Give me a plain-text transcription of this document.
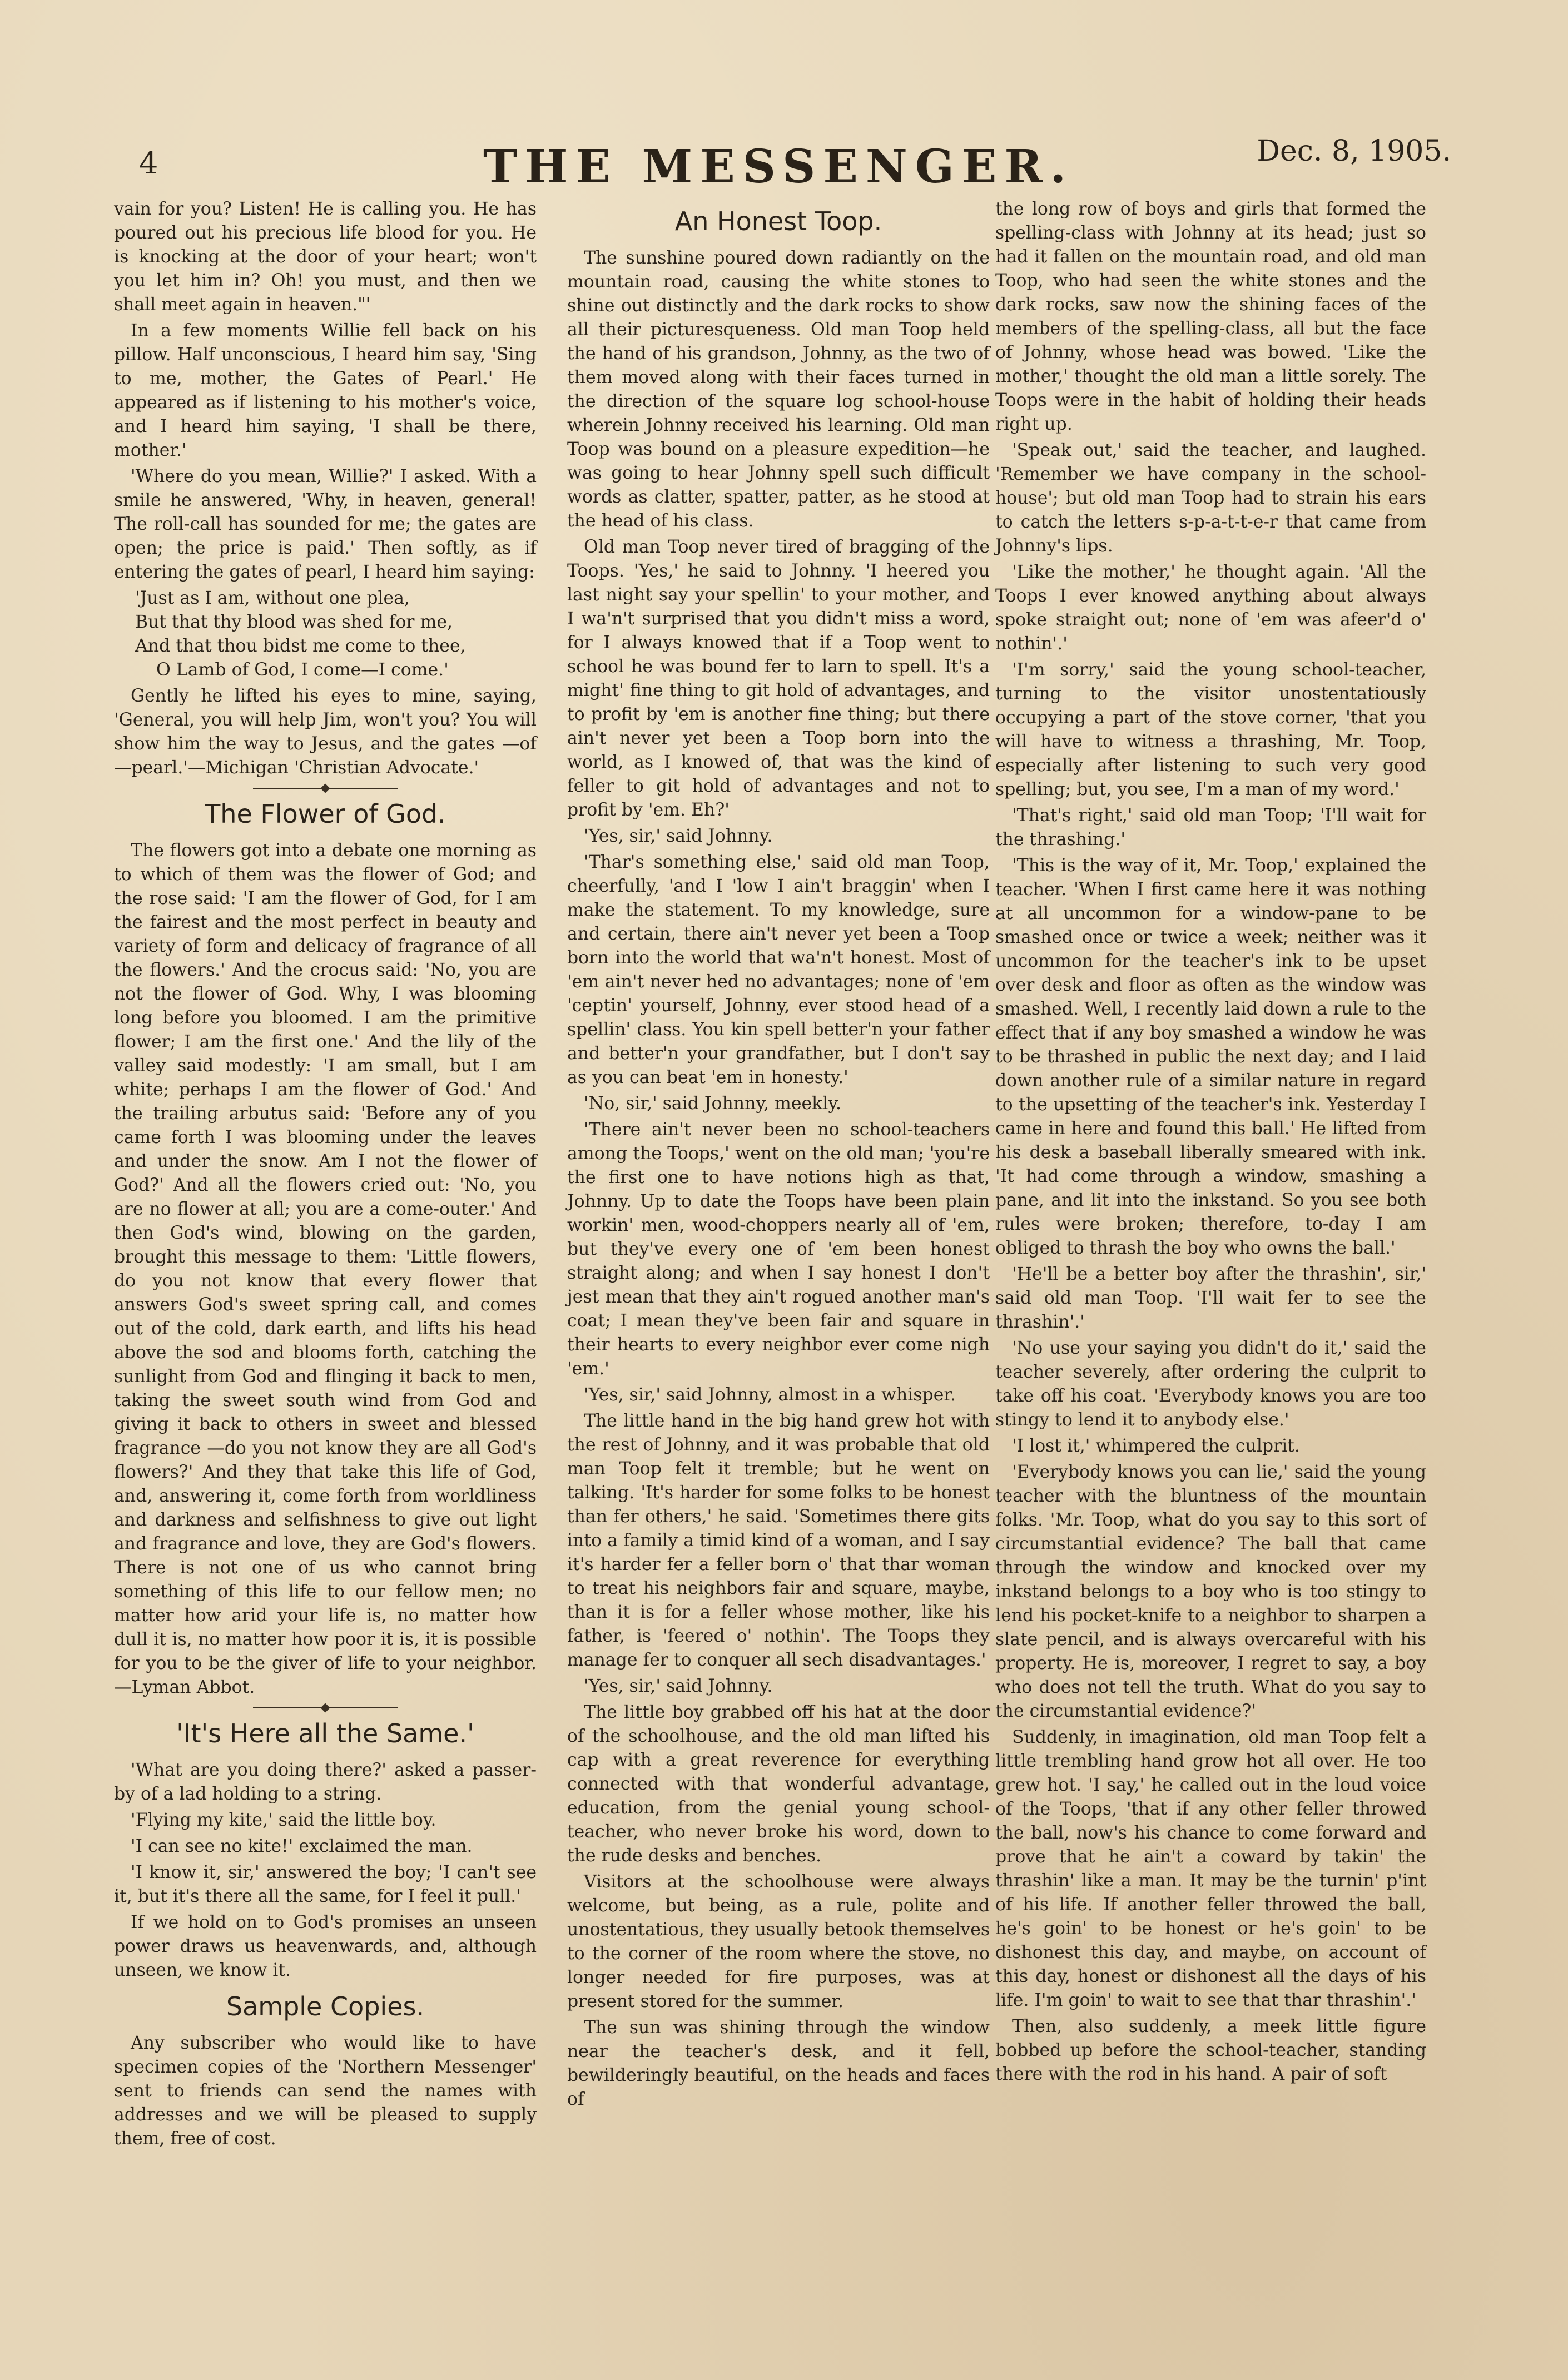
4	THE MESSENGER.	Dec. 8, 1905.

vain for you? Listen! He is calling you. He has poured out his precious life blood for you. He is knocking at the door of your heart; won't you let him in? Oh! you must, and then we shall meet again in heaven."'

In a few moments Willie fell back on his pillow. Half unconscious, I heard him say, 'Sing to me, mother, the Gates of Pearl.' He appeared as if listening to his mother's voice, and I heard him saying, 'I shall be there, mother.'

'Where do you mean, Willie?' I asked. With a smile he answered, 'Why, in heaven, general! The roll-call has sounded for me; the gates are open; the price is paid.' Then softly, as if entering the gates of pearl, I heard him saying:

'Just as I am, without one plea,
But that thy blood was shed for me,
And that thou bidst me come to thee,
O Lamb of God, I come—I come.'

Gently he lifted his eyes to mine, saying, 'General, you will help Jim, won't you? You will show him the way to Jesus, and the gates —of—pearl.'—Michigan 'Christian Advocate.'

The Flower of God.

The flowers got into a debate one morning as to which of them was the flower of God; and the rose said: 'I am the flower of God, for I am the fairest and the most perfect in beauty and variety of form and delicacy of fragrance of all the flowers.' And the crocus said: 'No, you are not the flower of God. Why, I was blooming long before you bloomed. I am the primitive flower; I am the first one.' And the lily of the valley said modestly: 'I am small, but I am white; perhaps I am the flower of God.' And the trailing arbutus said: 'Before any of you came forth I was blooming under the leaves and under the snow. Am I not the flower of God?' And all the flowers cried out: 'No, you are no flower at all; you are a come-outer.' And then God's wind, blowing on the garden, brought this message to them: 'Little flowers, do you not know that every flower that answers God's sweet spring call, and comes out of the cold, dark earth, and lifts his head above the sod and blooms forth, catching the sunlight from God and flinging it back to men, taking the sweet south wind from God and giving it back to others in sweet and blessed fragrance —do you not know they are all God's flowers?' And they that take this life of God, and, answering it, come forth from worldliness and darkness and selfishness to give out light and fragrance and love, they are God's flowers. There is not one of us who cannot bring something of this life to our fellow men; no matter how arid your life is, no matter how dull it is, no matter how poor it is, it is possible for you to be the giver of life to your neighbor.—Lyman Abbot.

'It's Here all the Same.'

'What are you doing there?' asked a passer-by of a lad holding to a string.

'Flying my kite,' said the little boy.

'I can see no kite!' exclaimed the man.

'I know it, sir,' answered the boy; 'I can't see it, but it's there all the same, for I feel it pull.'

If we hold on to God's promises an unseen power draws us heavenwards, and, although unseen, we know it.

Sample Copies.

Any subscriber who would like to have specimen copies of the 'Northern Messenger' sent to friends can send the names with addresses and we will be pleased to supply them, free of cost.

An Honest Toop.

The sunshine poured down radiantly on the mountain road, causing the white stones to shine out distinctly and the dark rocks to show all their picturesqueness. Old man Toop held the hand of his grandson, Johnny, as the two of them moved along with their faces turned in the direction of the square log school-house wherein Johnny received his learning. Old man Toop was bound on a pleasure expedition—he was going to hear Johnny spell such difficult words as clatter, spatter, patter, as he stood at the head of his class.

Old man Toop never tired of bragging of the Toops. 'Yes,' he said to Johnny. 'I heered you last night say your spellin' to your mother, and I wa'n't surprised that you didn't miss a word, for I always knowed that if a Toop went to school he was bound fer to larn to spell. It's a might' fine thing to git hold of advantages, and to profit by 'em is another fine thing; but there ain't never yet been a Toop born into the world, as I knowed of, that was the kind of feller to git hold of advantages and not to profit by 'em. Eh?'

'Yes, sir,' said Johnny.

'Thar's something else,' said old man Toop, cheerfully, 'and I 'low I ain't braggin' when I make the statement. To my knowledge, sure and certain, there ain't never yet been a Toop born into the world that wa'n't honest. Most of 'em ain't never hed no advantages; none of 'em 'ceptin' yourself, Johnny, ever stood head of a spellin' class. You kin spell better'n your father and better'n your grandfather, but I don't say as you can beat 'em in honesty.'

'No, sir,' said Johnny, meekly.

'There ain't never been no school-teachers among the Toops,' went on the old man; 'you're the first one to have notions high as that, Johnny. Up to date the Toops have been plain workin' men, wood-choppers nearly all of 'em, but they've every one of 'em been honest straight along; and when I say honest I don't jest mean that they ain't rogued another man's coat; I mean they've been fair and square in their hearts to every neighbor ever come nigh 'em.'

'Yes, sir,' said Johnny, almost in a whisper.

The little hand in the big hand grew hot with the rest of Johnny, and it was probable that old man Toop felt it tremble; but he went on talking. 'It's harder for some folks to be honest than fer others,' he said. 'Sometimes there gits into a family a timid kind of a woman, and I say it's harder fer a feller born o' that thar woman to treat his neighbors fair and square, maybe, than it is for a feller whose mother, like his father, is 'feered o' nothin'. The Toops they manage fer to conquer all sech disadvantages.'

'Yes, sir,' said Johnny.

The little boy grabbed off his hat at the door of the schoolhouse, and the old man lifted his cap with a great reverence for everything connected with that wonderful advantage, education, from the genial young school-teacher, who never broke his word, down to the rude desks and benches.

Visitors at the schoolhouse were always welcome, but being, as a rule, polite and unostentatious, they usually betook themselves to the corner of the room where the stove, no longer needed for fire purposes, was at present stored for the summer.

The sun was shining through the window near the teacher's desk, and it fell, bewilderingly beautiful, on the heads and faces of

the long row of boys and girls that formed the spelling-class with Johnny at its head; just so had it fallen on the mountain road, and old man Toop, who had seen the white stones and the dark rocks, saw now the shining faces of the members of the spelling-class, all but the face of Johnny, whose head was bowed. 'Like the mother,' thought the old man a little sorely. The Toops were in the habit of holding their heads right up.

'Speak out,' said the teacher, and laughed. 'Remember we have company in the school-house'; but old man Toop had to strain his ears to catch the letters s-p-a-t-t-e-r that came from Johnny's lips.

'Like the mother,' he thought again. 'All the Toops I ever knowed anything about always spoke straight out; none of 'em was afeer'd o' nothin'.'

'I'm sorry,' said the young school-teacher, turning to the visitor unostentatiously occupying a part of the stove corner, 'that you will have to witness a thrashing, Mr. Toop, especially after listening to such very good spelling; but, you see, I'm a man of my word.'

'That's right,' said old man Toop; 'I'll wait for the thrashing.'

'This is the way of it, Mr. Toop,' explained the teacher. 'When I first came here it was nothing at all uncommon for a window-pane to be smashed once or twice a week; neither was it uncommon for the teacher's ink to be upset over desk and floor as often as the window was smashed. Well, I recently laid down a rule to the effect that if any boy smashed a window he was to be thrashed in public the next day; and I laid down another rule of a similar nature in regard to the upsetting of the teacher's ink. Yesterday I came in here and found this ball.' He lifted from his desk a baseball liberally smeared with ink. 'It had come through a window, smashing a pane, and lit into the inkstand. So you see both rules were broken; therefore, to-day I am obliged to thrash the boy who owns the ball.'

'He'll be a better boy after the thrashin', sir,' said old man Toop. 'I'll wait fer to see the thrashin'.'

'No use your saying you didn't do it,' said the teacher severely, after ordering the culprit to take off his coat. 'Everybody knows you are too stingy to lend it to anybody else.'

'I lost it,' whimpered the culprit.

'Everybody knows you can lie,' said the young teacher with the bluntness of the mountain folks. 'Mr. Toop, what do you say to this sort of circumstantial evidence? The ball that came through the window and knocked over my inkstand belongs to a boy who is too stingy to lend his pocket-knife to a neighbor to sharpen a slate pencil, and is always overcareful with his property. He is, moreover, I regret to say, a boy who does not tell the truth. What do you say to the circumstantial evidence?'

Suddenly, in imagination, old man Toop felt a little trembling hand grow hot all over. He too grew hot. 'I say,' he called out in the loud voice of the Toops, 'that if any other feller throwed the ball, now's his chance to come forward and prove that he ain't a coward by takin' the thrashin' like a man. It may be the turnin' p'int of his life. If another feller throwed the ball, he's goin' to be honest or he's goin' to be dishonest this day, and maybe, on account of this day, honest or dishonest all the days of his life. I'm goin' to wait to see that thar thrashin'.'

Then, also suddenly, a meek little figure bobbed up before the school-teacher, standing there with the rod in his hand. A pair of soft
